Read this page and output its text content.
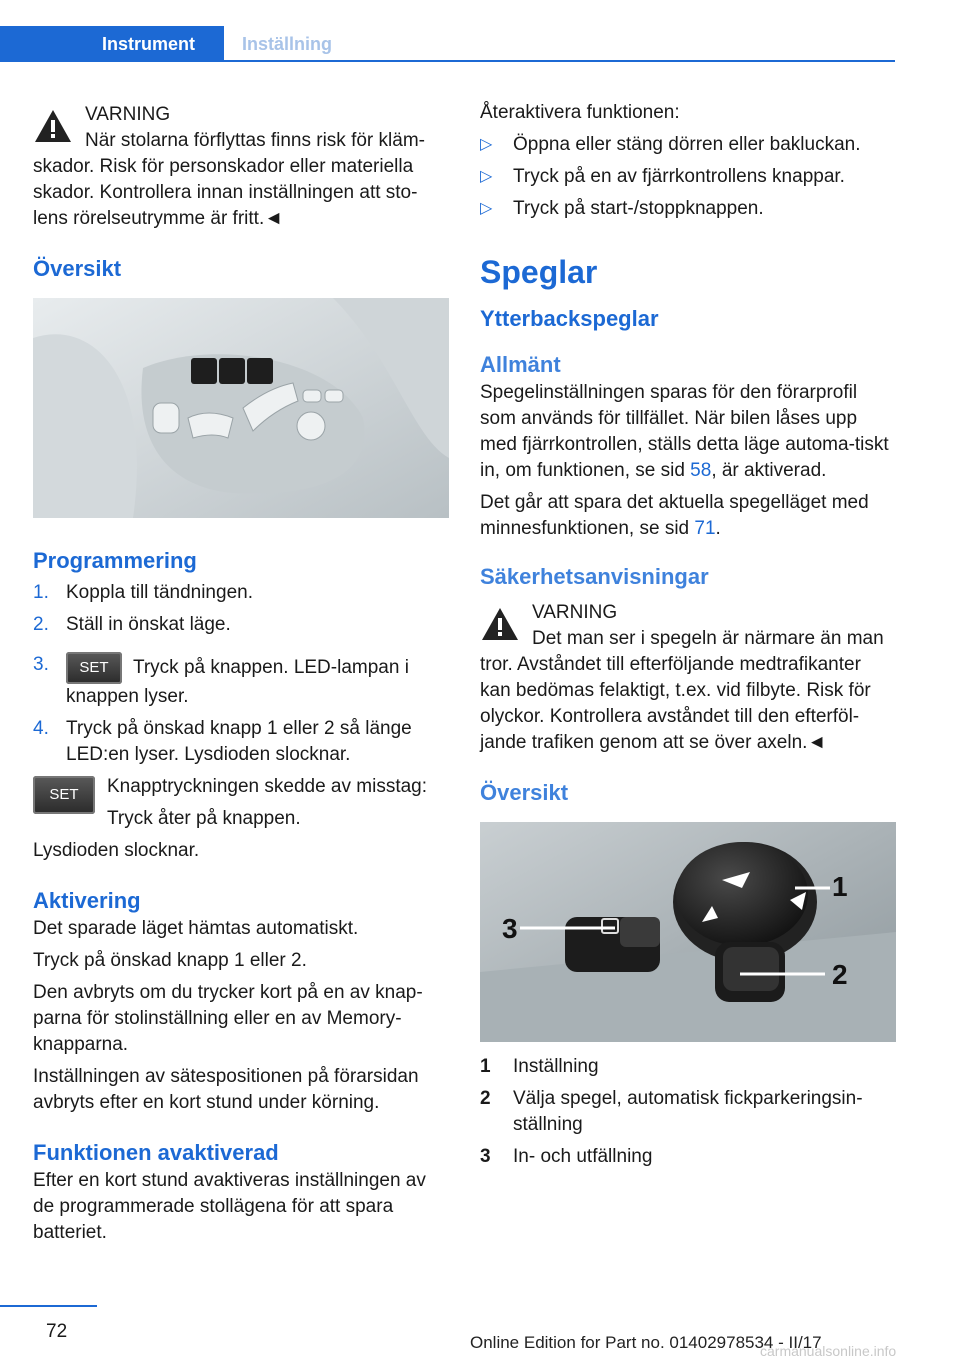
Instrument	Inställning
VARNING
När stolarna förflyttas finns risk för kläm-
skador. Risk för personskador eller materiella skador. Kontrollera innan inställningen att sto-lens rörelseutrymme är fritt.◄
Översikt
Programmering
1. Koppla till tändningen.
2. Ställ in önskat läge.
3. SET Tryck på knappen. LED-lampan i knappen lyser.
4. Tryck på önskad knapp 1 eller 2 så länge LED:en lyser. Lysdioden slocknar.
SET	Knapptryckningen skedde av misstag:

Tryck åter på knappen.

Lysdioden slocknar.

Aktivering

Det sparade läget hämtas automatiskt.

Tryck på önskad knapp 1 eller 2.

Den avbryts om du trycker kort på en av knap-parna för stolinställning eller en av Memory-knapparna.

Inställningen av sätespositionen på förarsidan avbryts efter en kort stund under körning.

Funktionen avaktiverad

Efter en kort stund avaktiveras inställningen av de programmerade stollägena för att spara batteriet.

Återaktivera funktionen:

▷ Öppna eller stäng dörren eller bakluckan.
▷ Tryck på en av fjärrkontrollens knappar.
▷ Tryck på start-/stoppknappen.
Speglar
Ytterbackspeglar
Allmänt

Spegelinställningen sparas för den förarprofil som används för tillfället. När bilen låses upp med fjärrkontrollen, ställs detta läge automa-tiskt in, om funktionen, se sid 58, är aktiverad.

Det går att spara det aktuella spegelläget med minnesfunktionen, se sid 71.

Säkerhetsanvisningar
VARNING
Det man ser i spegeln är närmare än man
tror. Avståndet till efterföljande medtrafikanter kan bedömas felaktigt, t.ex. vid filbyte. Risk för olyckor. Kontrollera avståndet till den efterföl-jande trafiken genom att se över axeln.◄
Översikt
1
2
3
1 Inställning
2 Välja spegel, automatisk fickparkeringsin-ställning
3 In- och utfällning
72
Online Edition for Part no. 01402978534 - II/17
carmanualsonline.info
